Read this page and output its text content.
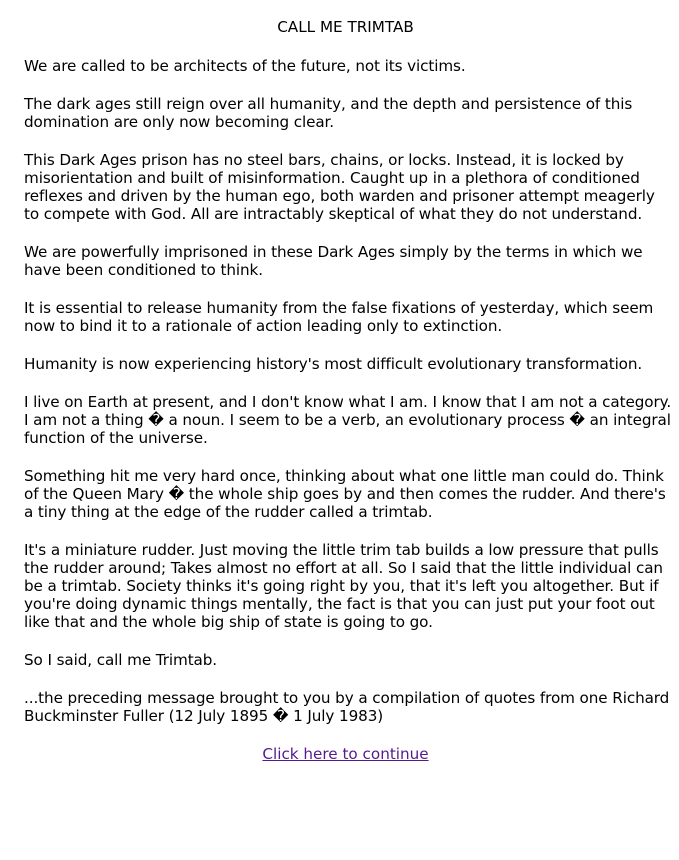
CALL ME TRIMTAB

We are called to be architects of the future, not its victims.

The dark ages still reign over all humanity, and the depth and persistence of this domination are only now becoming clear.

This Dark Ages prison has no steel bars, chains, or locks. Instead, it is locked by misorientation and built of misinformation. Caught up in a plethora of conditioned reflexes and driven by the human ego, both warden and prisoner attempt meagerly to compete with God. All are intractably skeptical of what they do not understand.

We are powerfully imprisoned in these Dark Ages simply by the terms in which we have been conditioned to think.

It is essential to release humanity from the false fixations of yesterday, which seem now to bind it to a rationale of action leading only to extinction.

Humanity is now experiencing history's most difficult evolutionary transformation.

I live on Earth at present, and I don't know what I am. I know that I am not a category. I am not a thing � a noun. I seem to be a verb, an evolutionary process � an integral function of the universe.

Something hit me very hard once, thinking about what one little man could do. Think of the Queen Mary � the whole ship goes by and then comes the rudder. And there's a tiny thing at the edge of the rudder called a trimtab.

It's a miniature rudder. Just moving the little trim tab builds a low pressure that pulls the rudder around; Takes almost no effort at all. So I said that the little individual can be a trimtab. Society thinks it's going right by you, that it's left you altogether. But if you're doing dynamic things mentally, the fact is that you can just put your foot out like that and the whole big ship of state is going to go.

So I said, call me Trimtab.

...the preceding message brought to you by a compilation of quotes from one Richard Buckminster Fuller (12 July 1895 � 1 July 1983)

Click here to continue
